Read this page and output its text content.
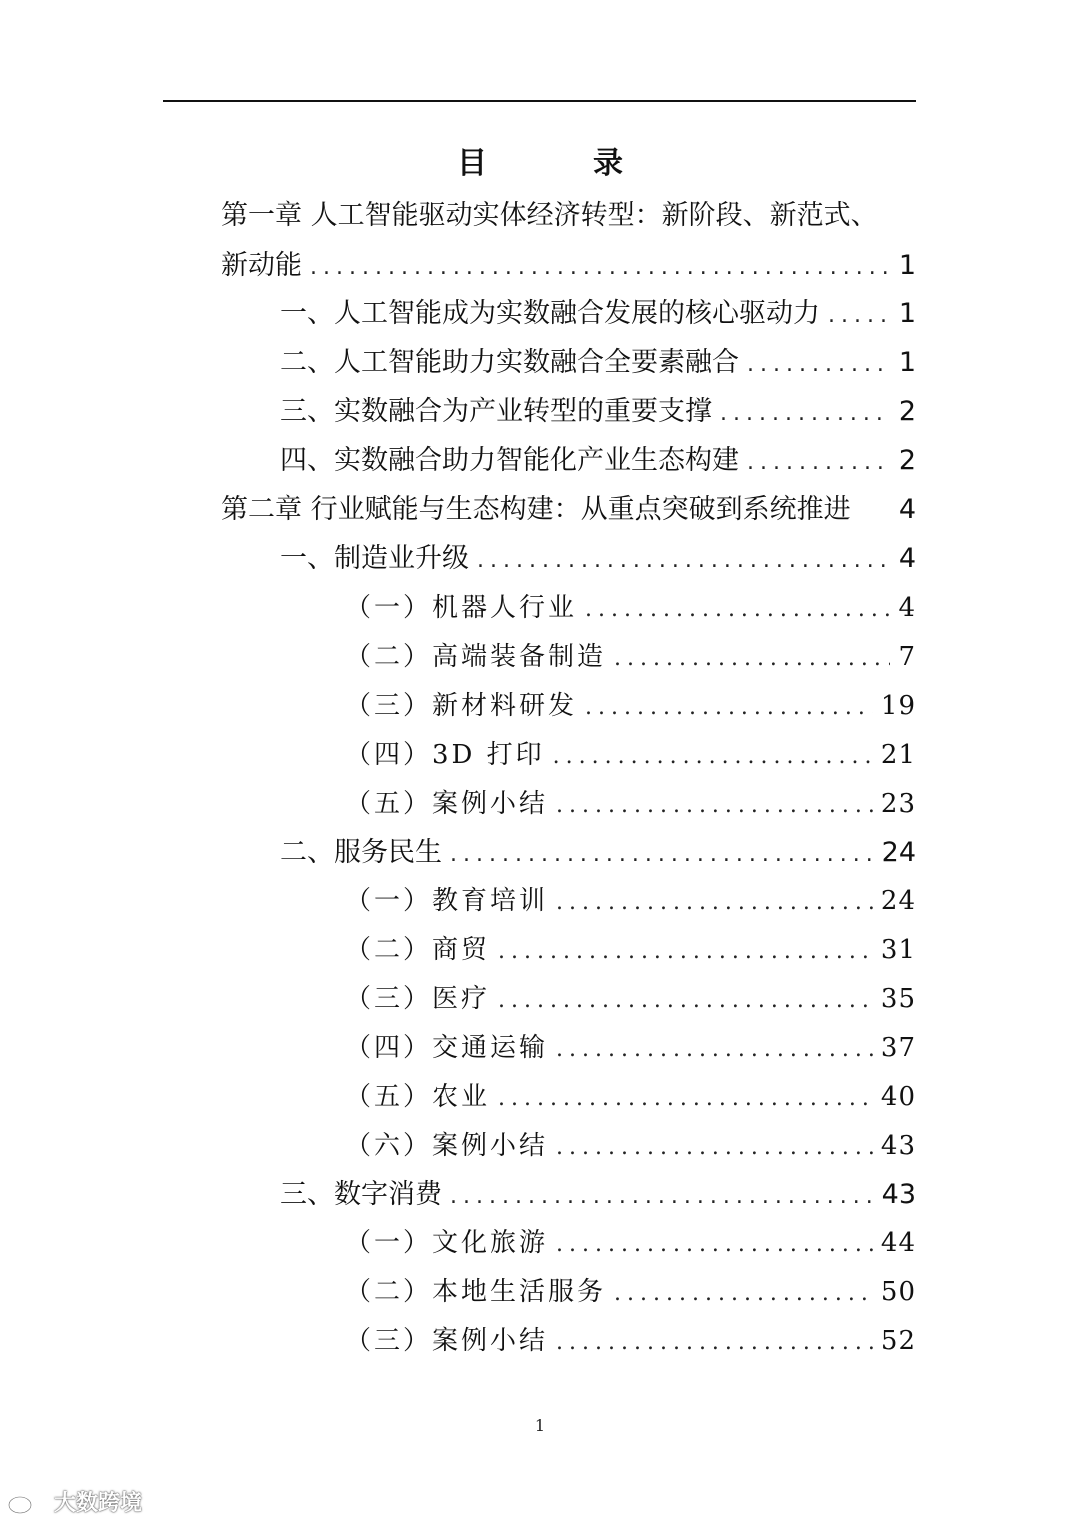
目　录
第一章 人工智能驱动实体经济转型：新阶段、新范式、
新动能 .....	1
一、人工智能成为实数融合发展的核心驱动力 .....	1
二、人工智能助力实数融合全要素融合 .....	1
三、实数融合为产业转型的重要支撑 .....	2
四、实数融合助力智能化产业生态构建 .....	2
第二章 行业赋能与生态构建：从重点突破到系统推进 4
一、制造业升级 .....	4
（一）机器人行业 .....	4
（二）高端装备制造 .....	7
（三）新材料研发 .....	19
（四）3D 打印 .....	21
（五）案例小结 .....	23
二、服务民生 .....	24
（一）教育培训 .....	24
（二）商贸 .....	31
（三）医疗 .....	35
（四）交通运输 .....	37
（五）农业 .....	40
（六）案例小结 .....	43
三、数字消费 .....	43
（一）文化旅游 .....	44
（二）本地生活服务 .....	50
（三）案例小结 .....	52
1
大数跨境
